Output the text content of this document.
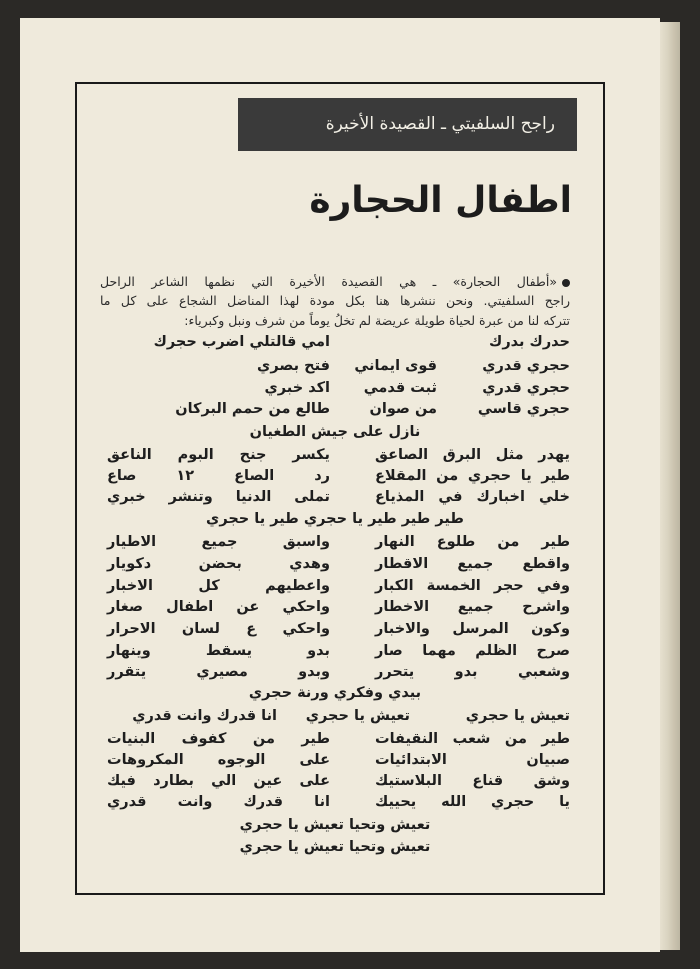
راجح السلفيتي ـ القصيدة الأخيرة
اطفال الحجارة
«أطفال الحجارة» ـ هي القصيدة الأخيرة التي نظمها الشاعر الراحل
راجح السلفيتي. ونحن ننشرها هنا بكل مودة لهذا المناضل الشجاع على كل ما
تتركه لنا من عبرة لحياة طويلة عريضة لم تخلُ يوماً من شرف ونبل وكبرياء:
حدرك بدرك
امي قالتلي اضرب حجرك
حجري قدري
قوى ايماني
فتح بصري
حجري قدري
ثبت قدمي
اكد خبري
حجري قاسي
من صوان
طالع من حمم البركان
نازل على جيش الطغيان
يهدر مثل البرق الصاعق
يكسر جنح البوم الناعق
طير يا حجري من المقلاع
رد الصاع ١٢ صاع
خلي اخبارك في المذياع
تملى الدنيا وتنشر خبري
طير طير طير يا حجري طير يا حجري
طير من طلوع النهار
واسبق جميع الاطيار
واقطع جميع الاقطار
وهدي بحضن دكويار
وفي حجر الخمسة الكبار
واعطيهم كل الاخبار
واشرح جميع الاخطار
واحكي عن اطفال صغار
وكون المرسل والاخبار
واحكي ع لسان الاحرار
صرح الظلم مهما صار
بدو يسقط وينهار
وشعبي بدو يتحرر
وبدو مصيري يتقرر
بيدي وفكري ورنة حجري
تعيش يا حجري
تعيش يا حجري
انا قدرك وانت قدري
طير من شعب النقيفات
طير من كفوف البنيات
صبيان الابتدائيات
على الوجوه المكروهات
وشق قناع البلاستيك
على عين الي بطارد فيك
يا حجري الله يحييك
انا قدرك وانت قدري
تعيش وتحيا تعيش يا حجري
تعيش وتحيا تعيش يا حجري
